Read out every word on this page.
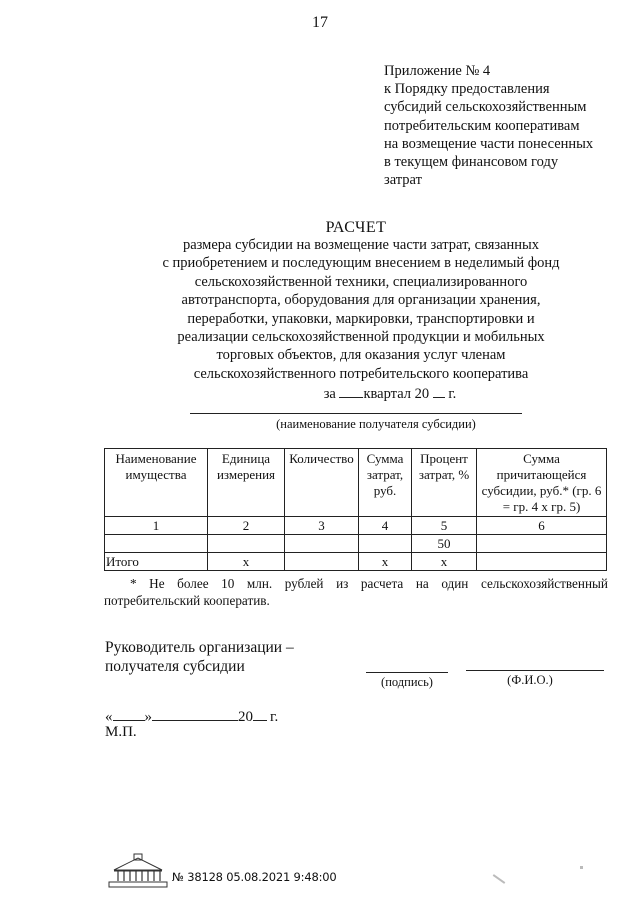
17
Приложение № 4
к Порядку предоставления
субсидий сельскохозяйственным
потребительским кооперативам
на возмещение части понесенных
в текущем финансовом году
затрат
РАСЧЕТ
размера субсидии на возмещение части затрат, связанных
с приобретением и последующим внесением в неделимый фонд
сельскохозяйственной техники, специализированного
автотранспорта, оборудования для организации хранения,
переработки, упаковки, маркировки, транспортировки и
реализации сельскохозяйственной продукции и мобильных
торговых объектов, для оказания услуг членам
сельскохозяйственного потребительского кооператива
за квартал 20 г.
(наименование получателя субсидии)
Наименование имущества	Единица измерения	Количество	Сумма затрат, руб.	Процент затрат, %	Сумма причитающейся субсидии, руб.* (гр. 6 = гр. 4 x гр. 5)
1	2	3	4	5	6
				50	
Итого	x		x	x	
* Не более 10 млн. рублей из расчета на один сельскохозяйственный
потребительский кооператив.
Руководитель организации –
получателя субсидии
(подпись)	(Ф.И.О.)
« »	20 г.
М.П.
№ 38128 05.08.2021 9:48:00
